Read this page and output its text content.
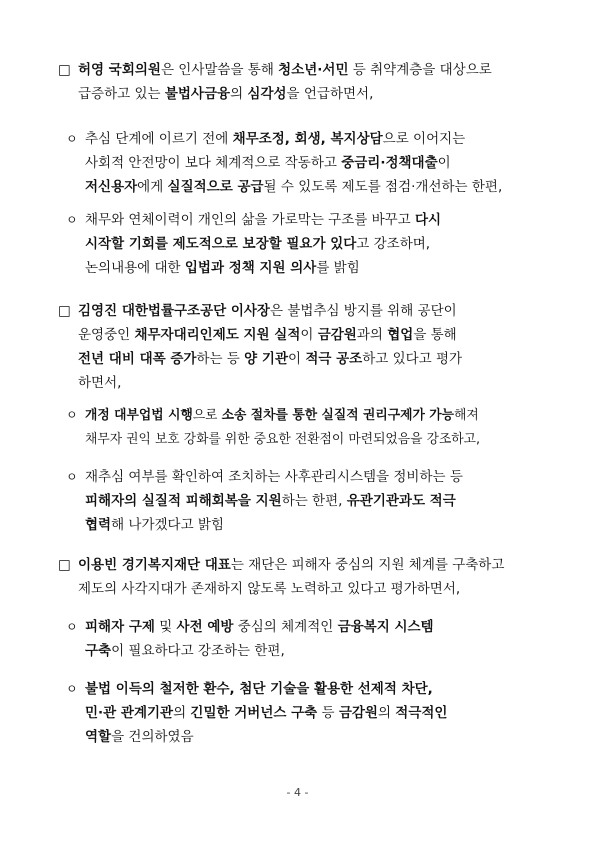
□ 허영 국회의원은 인사말씀을 통해 청소년·서민 등 취약계층을 대상으로
급증하고 있는 불법사금융의 심각성을 언급하면서,
ㅇ 추심 단계에 이르기 전에 채무조정, 회생, 복지상담으로 이어지는
사회적 안전망이 보다 체계적으로 작동하고 중금리·정책대출이
저신용자에게 실질적으로 공급될 수 있도록 제도를 점검·개선하는 한편,
ㅇ 채무와 연체이력이 개인의 삶을 가로막는 구조를 바꾸고 다시
시작할 기회를 제도적으로 보장할 필요가 있다고 강조하며,
논의내용에 대한 입법과 정책 지원 의사를 밝힘
□ 김영진 대한법률구조공단 이사장은 불법추심 방지를 위해 공단이
운영중인 채무자대리인제도 지원 실적이 금감원과의 협업을 통해
전년 대비 대폭 증가하는 등 양 기관이 적극 공조하고 있다고 평가
하면서,
ㅇ 개정 대부업법 시행으로 소송 절차를 통한 실질적 권리구제가 가능해져
채무자 권익 보호 강화를 위한 중요한 전환점이 마련되었음을 강조하고,
ㅇ 재추심 여부를 확인하여 조치하는 사후관리시스템을 정비하는 등
피해자의 실질적 피해회복을 지원하는 한편, 유관기관과도 적극
협력해 나가겠다고 밝힘
□ 이용빈 경기복지재단 대표는 재단은 피해자 중심의 지원 체계를 구축하고
제도의 사각지대가 존재하지 않도록 노력하고 있다고 평가하면서,
ㅇ 피해자 구제 및 사전 예방 중심의 체계적인 금융복지 시스템
구축이 필요하다고 강조하는 한편,
ㅇ 불법 이득의 철저한 환수, 첨단 기술을 활용한 선제적 차단,
민·관 관계기관의 긴밀한 거버넌스 구축 등 금감원의 적극적인
역할을 건의하였음
- 4 -
